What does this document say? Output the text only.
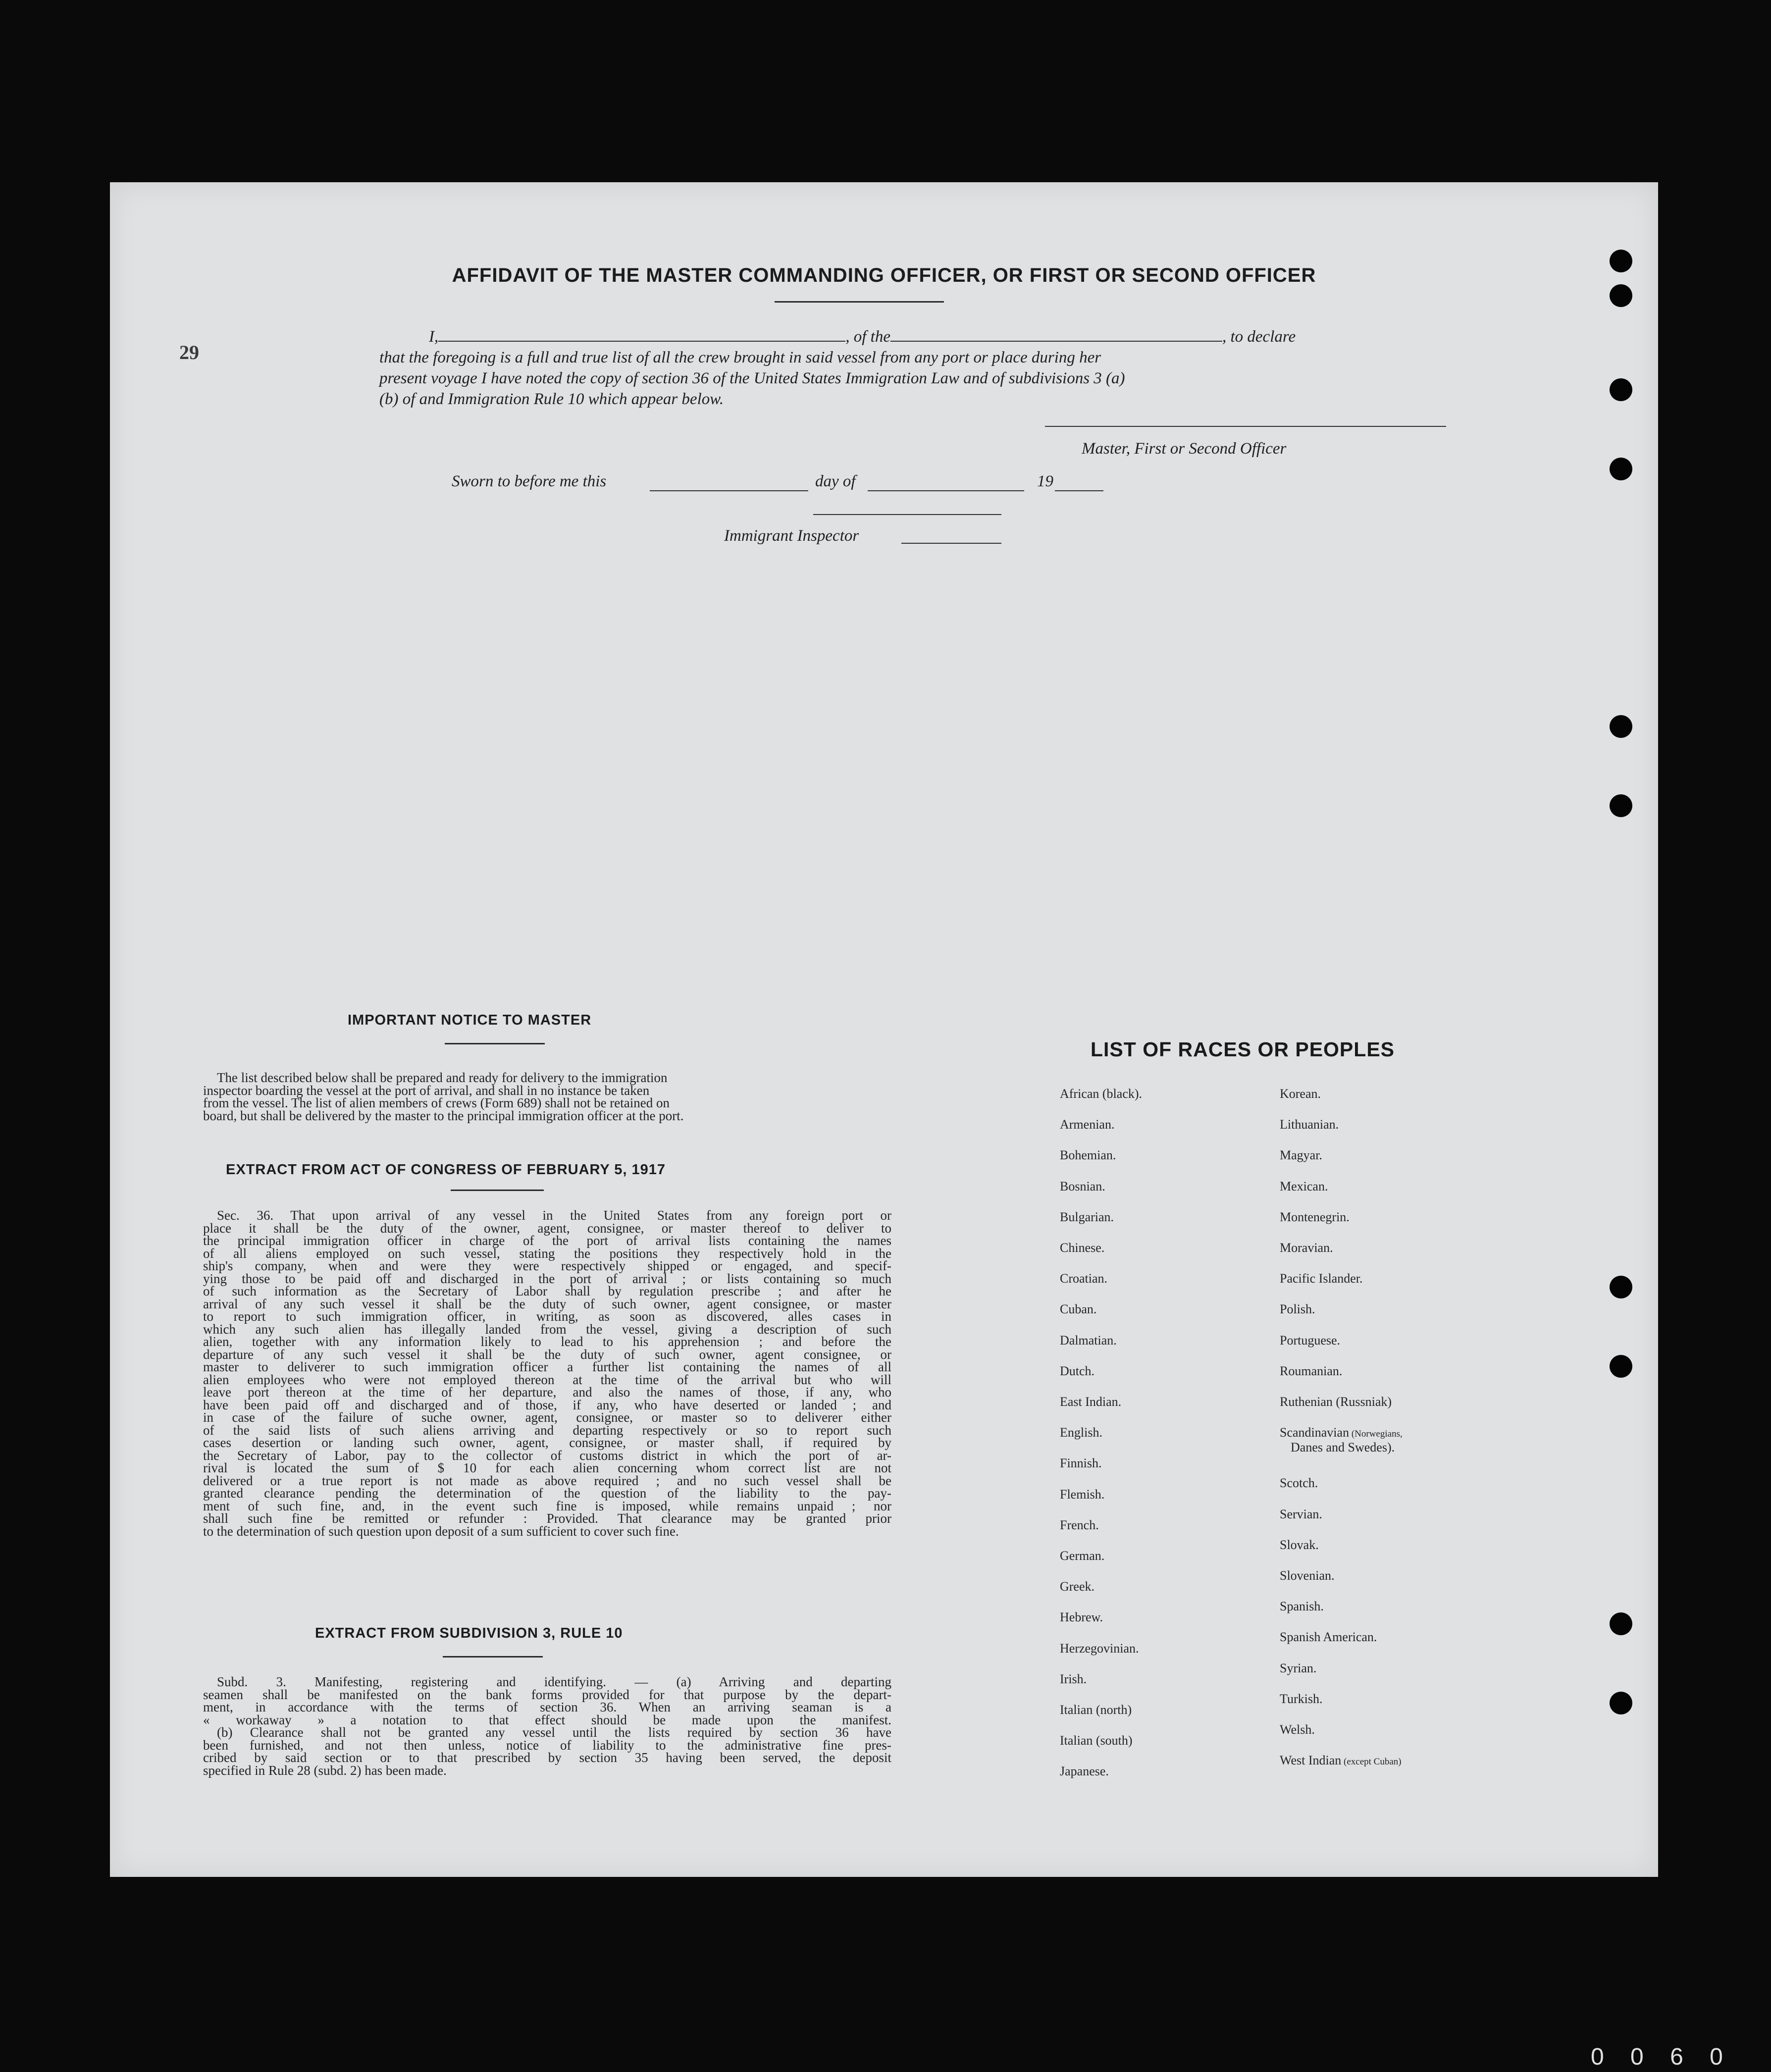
29
AFFIDAVIT OF THE MASTER COMMANDING OFFICER, OR FIRST OR SECOND OFFICER
I,	, of the	, to declare
that the foregoing is a full and true list of all the crew brought in said vessel from any port or place during her
present voyage I have noted the copy of section 36 of the United States Immigration Law and of subdivisions 3 (a)
(b) of and Immigration Rule 10 which appear below.
Master, First or Second Officer
Sworn to before me this	day of	19
Immigrant Inspector
IMPORTANT NOTICE TO MASTER
The list described below shall be prepared and ready for delivery to the immigration
inspector boarding the vessel at the port of arrival, and shall in no instance be taken
from the vessel. The list of alien members of crews (Form 689) shall not be retained on
board, but shall be delivered by the master to the principal immigration officer at the port.
EXTRACT FROM ACT OF CONGRESS OF FEBRUARY 5, 1917
Sec. 36. That upon arrival of any vessel in the United States from any foreign port or
place it shall be the duty of the owner, agent, consignee, or master thereof to deliver to
the principal immigration officer in charge of the port of arrival lists containing the names
of all aliens employed on such vessel, stating the positions they respectively hold in the
ship's company, when and were they were respectively shipped or engaged, and specif-
ying those to be paid off and discharged in the port of arrival ; or lists containing so much
of such information as the Secretary of Labor shall by regulation prescribe ; and after he
arrival of any such vessel it shall be the duty of such owner, agent consignee, or master
to report to such immigration officer, in writing, as soon as discovered, alles cases in
which any such alien has illegally landed from the vessel, giving a description of such
alien, together with any information likely to lead to his apprehension ; and before the
departure of any such vessel it shall be the duty of such owner, agent consignee, or
master to deliverer to such immigration officer a further list containing the names of all
alien employees who were not employed thereon at the time of the arrival but who will
leave port thereon at the time of her departure, and also the names of those, if any, who
have been paid off and discharged and of those, if any, who have deserted or landed ; and
in case of the failure of suche owner, agent, consignee, or master so to deliverer either
of the said lists of such aliens arriving and departing respectively or so to report such
cases desertion or landing such owner, agent, consignee, or master shall, if required by
the Secretary of Labor, pay to the collector of customs district in which the port of ar-
rival is located the sum of $ 10 for each alien concerning whom correct list are not
delivered or a true report is not made as above required ; and no such vessel shall be
granted clearance pending the determination of the question of the liability to the pay-
ment of such fine, and, in the event such fine is imposed, while remains unpaid ; nor
shall such fine be remitted or refunder : Provided. That clearance may be granted prior
to the determination of such question upon deposit of a sum sufficient to cover such fine.
EXTRACT FROM SUBDIVISION 3, RULE 10
Subd. 3. Manifesting, registering and identifying. — (a) Arriving and departing
seamen shall be manifested on the bank forms provided for that purpose by the depart-
ment, in accordance with the terms of section 36. When an arriving seaman is a
« workaway » a notation to that effect should be made upon the manifest.
(b) Clearance shall not be granted any vessel until the lists required by section 36 have
been furnished, and not then unless, notice of liability to the administrative fine pres-
cribed by said section or to that prescribed by section 35 having been served, the deposit
specified in Rule 28 (subd. 2) has been made.
LIST OF RACES OR PEOPLES
African (black).
Armenian.
Bohemian.
Bosnian.
Bulgarian.
Chinese.
Croatian.
Cuban.
Dalmatian.
Dutch.
East Indian.
English.
Finnish.
Flemish.
French.
German.
Greek.
Hebrew.
Herzegovinian.
Irish.
Italian (north)
Italian (south)
Japanese.
Korean.
Lithuanian.
Magyar.
Mexican.
Montenegrin.
Moravian.
Pacific Islander.
Polish.
Portuguese.
Roumanian.
Ruthenian (Russniak)
Scandinavian (Norwegians,
Danes and Swedes).
Scotch.
Servian.
Slovak.
Slovenian.
Spanish.
Spanish American.
Syrian.
Turkish.
Welsh.
West Indian (except Cuban)
0 0 6 0
